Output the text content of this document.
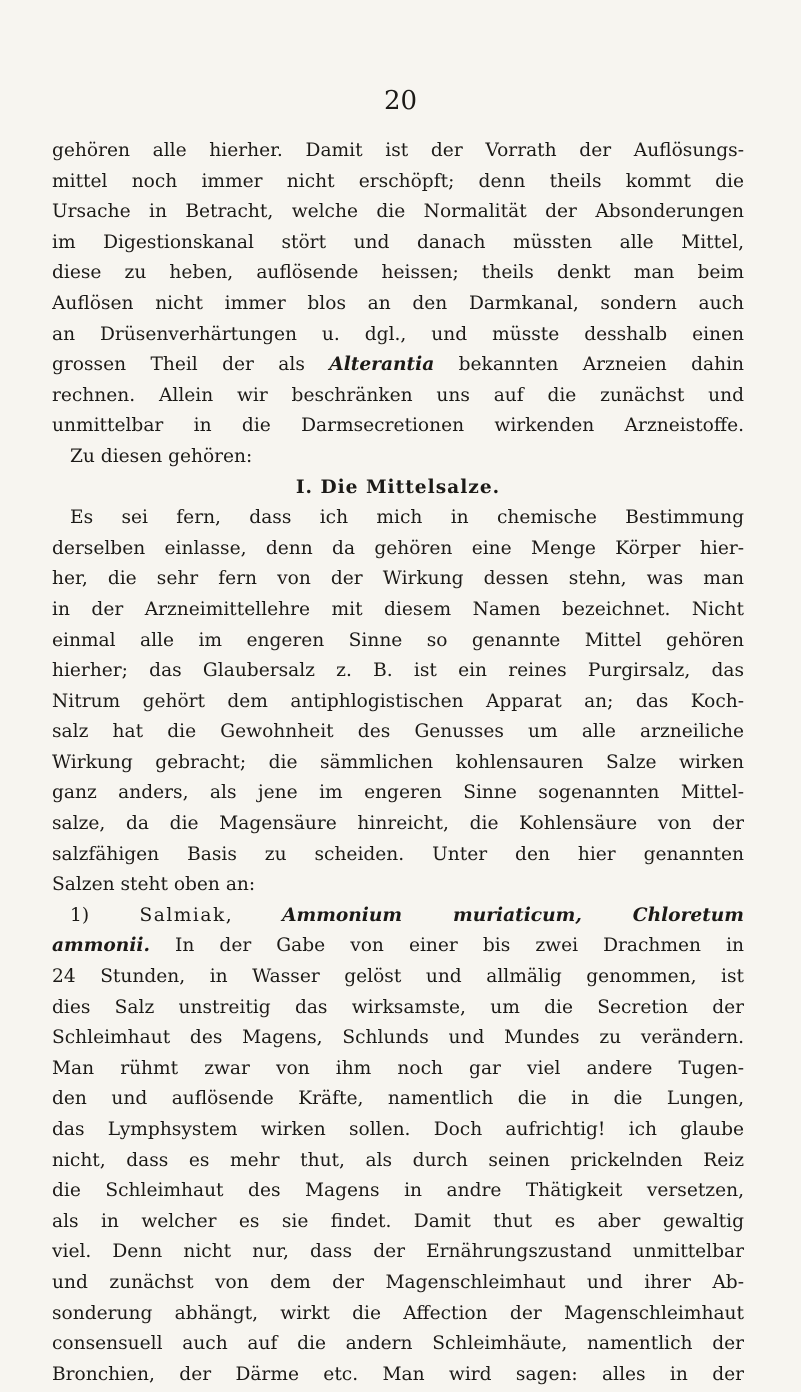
20
gehören alle hierher. Damit ist der Vorrath der Auflösungs-
mittel noch immer nicht erschöpft; denn theils kommt die
Ursache in Betracht, welche die Normalität der Absonderungen
im Digestionskanal stört und danach müssten alle Mittel,
diese zu heben, auflösende heissen; theils denkt man beim
Auflösen nicht immer blos an den Darmkanal, sondern auch
an Drüsenverhärtungen u. dgl., und müsste desshalb einen
grossen Theil der als Alterantia bekannten Arzneien dahin
rechnen. Allein wir beschränken uns auf die zunächst und
unmittelbar in die Darmsecretionen wirkenden Arzneistoffe.
Zu diesen gehören:
I. Die Mittelsalze.
Es sei fern, dass ich mich in chemische Bestimmung
derselben einlasse, denn da gehören eine Menge Körper hier-
her, die sehr fern von der Wirkung dessen stehn, was man
in der Arzneimittellehre mit diesem Namen bezeichnet. Nicht
einmal alle im engeren Sinne so genannte Mittel gehören
hierher; das Glaubersalz z. B. ist ein reines Purgirsalz, das
Nitrum gehört dem antiphlogistischen Apparat an; das Koch-
salz hat die Gewohnheit des Genusses um alle arzneiliche
Wirkung gebracht; die sämmlichen kohlensauren Salze wirken
ganz anders, als jene im engeren Sinne sogenannten Mittel-
salze, da die Magensäure hinreicht, die Kohlensäure von der
salzfähigen Basis zu scheiden. Unter den hier genannten
Salzen steht oben an:
1) Salmiak, Ammonium muriaticum, Chloretum
ammonii. In der Gabe von einer bis zwei Drachmen in
24 Stunden, in Wasser gelöst und allmälig genommen, ist
dies Salz unstreitig das wirksamste, um die Secretion der
Schleimhaut des Magens, Schlunds und Mundes zu verändern.
Man rühmt zwar von ihm noch gar viel andere Tugen-
den und auflösende Kräfte, namentlich die in die Lungen,
das Lymphsystem wirken sollen. Doch aufrichtig! ich glaube
nicht, dass es mehr thut, als durch seinen prickelnden Reiz
die Schleimhaut des Magens in andre Thätigkeit versetzen,
als in welcher es sie findet. Damit thut es aber gewaltig
viel. Denn nicht nur, dass der Ernährungszustand unmittelbar
und zunächst von dem der Magenschleimhaut und ihrer Ab-
sonderung abhängt, wirkt die Affection der Magenschleimhaut
consensuell auch auf die andern Schleimhäute, namentlich der
Bronchien, der Därme etc. Man wird sagen: alles in der
